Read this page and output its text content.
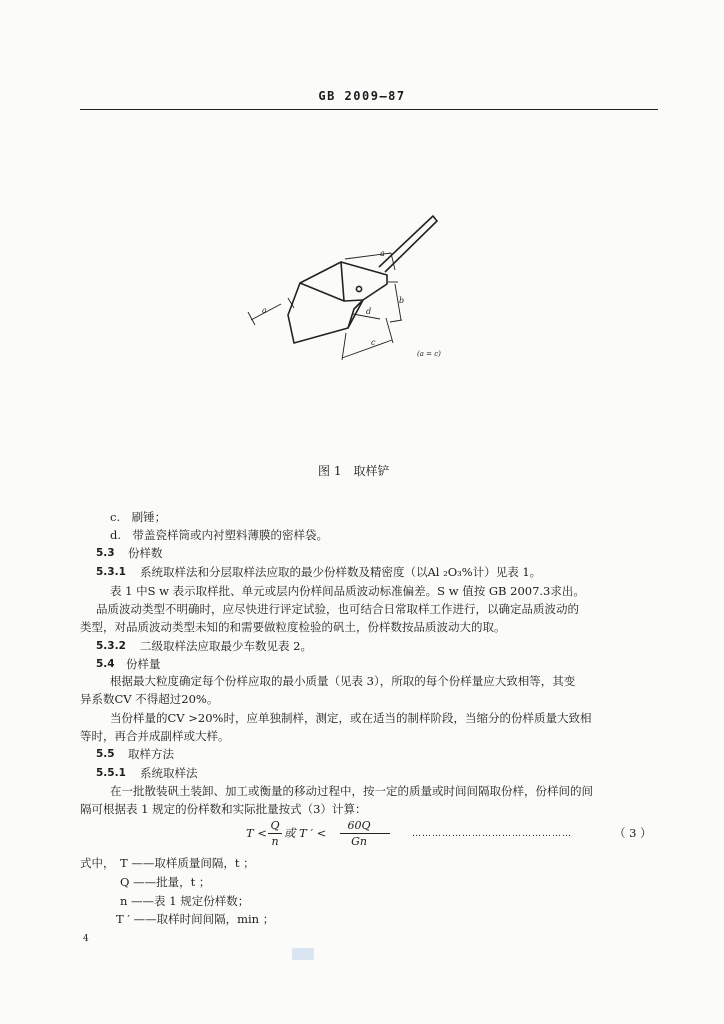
GB 2009—87
a
a
b
d
c
(a = c)
图 1　取样铲
c.　刷锤；
d.　带盖瓷样筒或内衬塑料薄膜的密样袋。
5.3 份样数
5.3.1 系统取样法和分层取样法应取的最少份样数及精密度（以Al ₂O₃%计）见表 1。
表 1 中S w 表示取样批、单元或层内份样间品质波动标准偏差。S w 值按 GB 2007.3求出。
品质波动类型不明确时，应尽快进行评定试验，也可结合日常取样工作进行，以确定品质波动的
类型，对品质波动类型未知的和需要做粒度检验的矾土，份样数按品质波动大的取。
5.3.2 二级取样法应取最少车数见表 2。
5.4 份样量
根据最大粒度确定每个份样应取的最小质量（见表 3），所取的每个份样量应大致相等，其变
异系数CV 不得超过20%。
当份样量的CV >20%时，应单独制样，测定，或在适当的制样阶段，当缩分的份样质量大致相
等时，再合并成副样或大样。
5.5 取样方法
5.5.1 系统取样法
在一批散装矾土装卸、加工或衡量的移动过程中，按一定的质量或时间间隔取份样，份样间的间
隔可根据表 1 规定的份样数和实际批量按式（3）计算：
T <
Q
n
或 T ′ <
60Q
Gn
…………………………………………	（ 3 ）
式中， T ——取样质量间隔，t ；
Q ——批量，t ；
n ——表 1 规定份样数；
T ′ ——取样时间间隔，min ；
4
